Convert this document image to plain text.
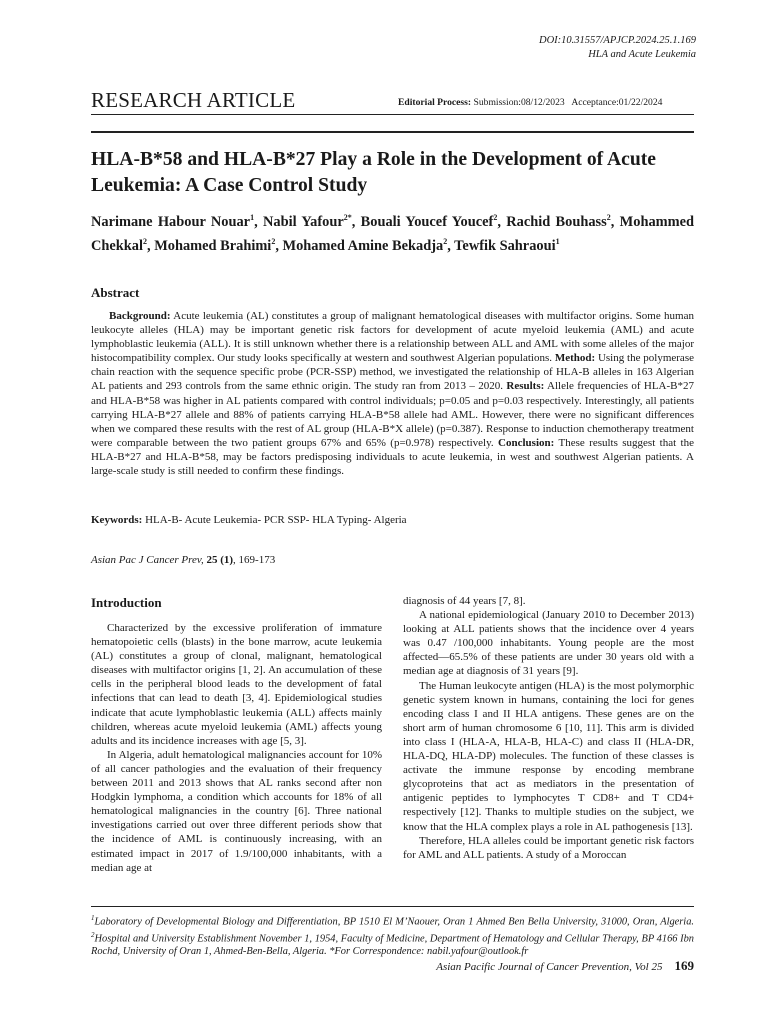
DOI:10.31557/APJCP.2024.25.1.169
HLA and Acute Leukemia
RESEARCH ARTICLE	Editorial Process: Submission:08/12/2023   Acceptance:01/22/2024
HLA-B*58 and HLA-B*27 Play a Role in the Development of Acute Leukemia: A Case Control Study
Narimane Habour Nouar$^1$, Nabil Yafour$^{2*}$, Bouali Youcef Youcef$^2$, Rachid Bouhass$^2$, Mohammed Chekkal$^2$, Mohamed Brahimi$^2$, Mohamed Amine Bekadja$^2$, Tewfik Sahraoui$^1$
Abstract
Background: Acute leukemia (AL) constitutes a group of malignant hematological diseases with multifactor origins. Some human leukocyte alleles (HLA) may be important genetic risk factors for development of acute myeloid leukemia (AML) and acute lymphoblastic leukemia (ALL). It is still unknown whether there is a relationship between ALL and AML with some alleles of the major histocompatibility complex. Our study looks specifically at western and southwest Algerian populations. Method: Using the polymerase chain reaction with the sequence specific probe (PCR-SSP) method, we investigated the relationship of HLA-B alleles in 163 Algerian AL patients and 293 controls from the same ethnic origin. The study ran from 2013 – 2020. Results: Allele frequencies of HLA-B*27 and HLA-B*58 was higher in AL patients compared with control individuals; p=0.05 and p=0.03 respectively. Interestingly, all patients carrying HLA-B*27 allele and 88% of patients carrying HLA-B*58 allele had AML. However, there were no significant differences when we compared these results with the rest of AL group (HLA-B*X allele) (p=0.387). Response to induction chemotherapy treatment were comparable between the two patient groups 67% and 65% (p=0.978) respectively. Conclusion: These results suggest that the HLA-B*27 and HLA-B*58, may be factors predisposing individuals to acute leukemia, in west and southwest Algerian patients. A large-scale study is still needed to confirm these findings.
Keywords: HLA-B- Acute Leukemia- PCR SSP- HLA Typing- Algeria
Asian Pac J Cancer Prev, 25 (1), 169-173
Introduction

Characterized by the excessive proliferation of immature hematopoietic cells (blasts) in the bone marrow, acute leukemia (AL) constitutes a group of clonal, malignant, hematological diseases with multifactor origins [1, 2]. An accumulation of these cells in the peripheral blood leads to the development of fatal infections that can lead to death [3, 4]. Epidemiological studies indicate that acute lymphoblastic leukemia (ALL) affects mainly children, whereas acute myeloid leukemia (AML) affects young adults and its incidence increases with age [5, 3].

In Algeria, adult hematological malignancies account for 10% of all cancer pathologies and the evaluation of their frequency between 2011 and 2013 shows that AL ranks second after non Hodgkin lymphoma, a condition which accounts for 18% of all hematological malignancies in the country [6]. Three national investigations carried out over three different periods show that the incidence of AML is continuously increasing, with an estimated impact in 2017 of 1.9/100,000 inhabitants, with a median age at

diagnosis of 44 years [7, 8].

A national epidemiological (January 2010 to December 2013) looking at ALL patients shows that the incidence over 4 years was 0.47 /100,000 inhabitants. Young people are the most affected—65.5% of these patients are under 30 years old with a median age at diagnosis of 31 years [9].

The Human leukocyte antigen (HLA) is the most polymorphic genetic system known in humans, containing the loci for genes encoding class I and II HLA antigens. These genes are on the short arm of human chromosome 6 [10, 11]. This arm is divided into class I (HLA-A, HLA-B, HLA-C) and class II (HLA-DR, HLA-DQ, HLA-DP) molecules. The function of these classes is activate the immune response by encoding membrane glycoproteins that act as mediators in the presentation of antigenic peptides to lymphocytes T CD8+ and T CD4+ respectively [12]. Thanks to multiple studies on the subject, we know that the HLA complex plays a role in AL pathogenesis [13].

Therefore, HLA alleles could be important genetic risk factors for AML and ALL patients. A study of a Moroccan

$^1$Laboratory of Developmental Biology and Differentiation, BP 1510 El M’Naouer, Oran 1 Ahmed Ben Bella University, 31000, Oran, Algeria. $^2$Hospital and University Establishment November 1, 1954, Faculty of Medicine, Department of Hematology and Cellular Therapy, BP 4166 Ibn Rochd, University of Oran 1, Ahmed-Ben-Bella, Algeria. *For Correspondence: nabil.yafour@outlook.fr
Asian Pacific Journal of Cancer Prevention, Vol 25 169
